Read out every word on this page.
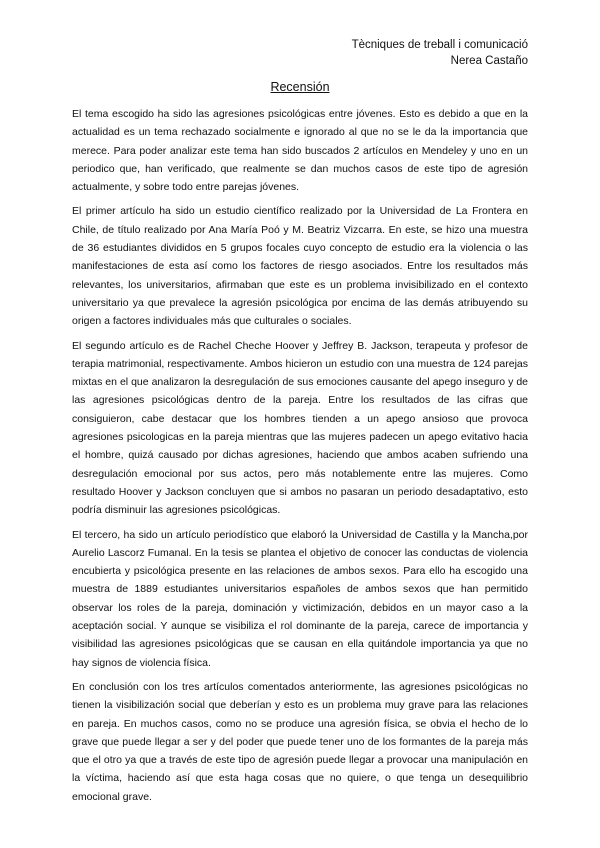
Tècniques de treball i comunicació
Nerea Castaño
Recensión

El tema escogido ha sido las agresiones psicológicas entre jóvenes. Esto es debido a que en la actualidad es un tema rechazado socialmente e ignorado al que no se le da la importancia que merece. Para poder analizar este tema han sido buscados 2 artículos en Mendeley y uno en un periodico que, han verificado, que realmente se dan muchos casos de este tipo de agresión actualmente, y sobre todo entre parejas jóvenes.

El primer artículo ha sido un estudio científico realizado por la Universidad de La Frontera en Chile, de título realizado por Ana María Poó y M. Beatriz Vizcarra. En este, se hizo una muestra de 36 estudiantes divididos en 5 grupos focales cuyo concepto de estudio era la violencia o las manifestaciones de esta así como los factores de riesgo asociados. Entre los resultados más relevantes, los universitarios, afirmaban que este es un problema invisibilizado en el contexto universitario ya que prevalece la agresión psicológica por encima de las demás atribuyendo su origen a factores individuales más que culturales o sociales.

El segundo artículo es de Rachel Cheche Hoover y Jeffrey B. Jackson, terapeuta y profesor de terapia matrimonial, respectivamente. Ambos hicieron un estudio con una muestra de 124 parejas mixtas en el que analizaron la desregulación de sus emociones causante del apego inseguro y de las agresiones psicológicas dentro de la pareja. Entre los resultados de las cifras que consiguieron, cabe destacar que los hombres tienden a un apego ansioso que provoca agresiones psicologicas en la pareja mientras que las mujeres padecen un apego evitativo hacia el hombre, quizá causado por dichas agresiones, haciendo que ambos acaben sufriendo una desregulación emocional por sus actos, pero más notablemente entre las mujeres. Como resultado Hoover y Jackson concluyen que si ambos no pasaran un periodo desadaptativo, esto podría disminuir las agresiones psicológicas.

El tercero, ha sido un artículo periodístico que elaboró la Universidad de Castilla y la Mancha,por Aurelio Lascorz Fumanal. En la tesis se plantea el objetivo de conocer las conductas de violencia encubierta y psicológica presente en las relaciones de ambos sexos. Para ello ha escogido una muestra de 1889 estudiantes universitarios españoles de ambos sexos que han permitido observar los roles de la pareja, dominación y victimización, debidos en un mayor caso a la aceptación social. Y aunque se visibiliza el rol dominante de la pareja, carece de importancia y visibilidad las agresiones psicológicas que se causan en ella quitándole importancia ya que no hay signos de violencia física.

En conclusión con los tres artículos comentados anteriormente, las agresiones psicológicas no tienen la visibilización social que deberían y esto es un problema muy grave para las relaciones en pareja. En muchos casos, como no se produce una agresión física, se obvia el hecho de lo grave que puede llegar a ser y del poder que puede tener uno de los formantes de la pareja más que el otro ya que a través de este tipo de agresión puede llegar a provocar una manipulación en la víctima, haciendo así que esta haga cosas que no quiere, o que tenga un desequilibrio emocional grave.
